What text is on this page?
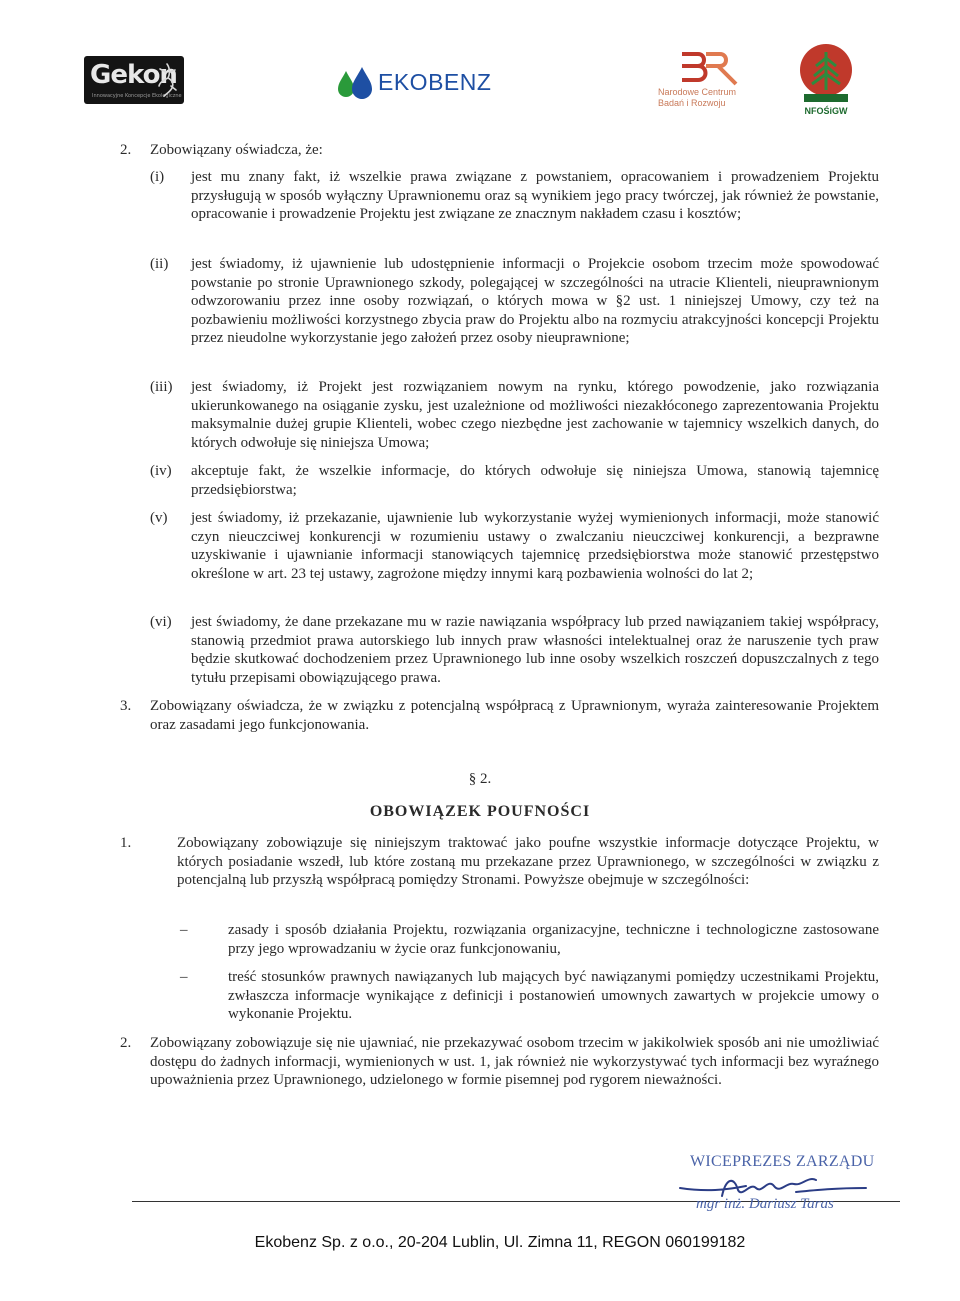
Gekon
Innowacyjne Koncepcje Ekologiczne
EKOBENZ	Narodowe Centrum
Badań i Rozwoju
NFOŚiGW
2. Zobowiązany oświadcza, że:
(i) jest mu znany fakt, iż wszelkie prawa związane z powstaniem, opracowaniem i prowadzeniem Projektu przysługują w sposób wyłączny Uprawnionemu oraz są wynikiem jego pracy twórczej, jak również że powstanie, opracowanie i prowadzenie Projektu jest związane ze znacznym nakładem czasu i kosztów;
(ii) jest świadomy, iż ujawnienie lub udostępnienie informacji o Projekcie osobom trzecim może spowodować powstanie po stronie Uprawnionego szkody, polegającej w szczególności na utracie Klienteli, nieuprawnionym odwzorowaniu przez inne osoby rozwiązań, o których mowa w §2 ust. 1 niniejszej Umowy, czy też na pozbawieniu możliwości korzystnego zbycia praw do Projektu albo na rozmyciu atrakcyjności koncepcji Projektu przez nieudolne wykorzystanie jego założeń przez osoby nieuprawnione;
(iii) jest świadomy, iż Projekt jest rozwiązaniem nowym na rynku, którego powodzenie, jako rozwiązania ukierunkowanego na osiąganie zysku, jest uzależnione od możliwości niezakłóconego zaprezentowania Projektu maksymalnie dużej grupie Klienteli, wobec czego niezbędne jest zachowanie w tajemnicy wszelkich danych, do których odwołuje się niniejsza Umowa;
(iv) akceptuje fakt, że wszelkie informacje, do których odwołuje się niniejsza Umowa, stanowią tajemnicę przedsiębiorstwa;
(v) jest świadomy, iż przekazanie, ujawnienie lub wykorzystanie wyżej wymienionych informacji, może stanowić czyn nieuczciwej konkurencji w rozumieniu ustawy o zwalczaniu nieuczciwej konkurencji, a bezprawne uzyskiwanie i ujawnianie informacji stanowiących tajemnicę przedsiębiorstwa może stanowić przestępstwo określone w art. 23 tej ustawy, zagrożone między innymi karą pozbawienia wolności do lat 2;
(vi) jest świadomy, że dane przekazane mu w razie nawiązania współpracy lub przed nawiązaniem takiej współpracy, stanowią przedmiot prawa autorskiego lub innych praw własności intelektualnej oraz że naruszenie tych praw będzie skutkować dochodzeniem przez Uprawnionego lub inne osoby wszelkich roszczeń dopuszczalnych z tego tytułu przepisami obowiązującego prawa.
3. Zobowiązany oświadcza, że w związku z potencjalną współpracą z Uprawnionym, wyraża zainteresowanie Projektem oraz zasadami jego funkcjonowania.
§ 2.
OBOWIĄZEK POUFNOŚCI
1.	Zobowiązany zobowiązuje się niniejszym traktować jako poufne wszystkie informacje dotyczące Projektu, w których posiadanie wszedł, lub które zostaną mu przekazane przez Uprawnionego, w szczególności w związku z potencjalną lub przyszłą współpracą pomiędzy Stronami. Powyższe obejmuje w szczególności:
–	zasady i sposób działania Projektu, rozwiązania organizacyjne, techniczne i technologiczne zastosowane przy jego wprowadzaniu w życie oraz funkcjonowaniu,
–	treść stosunków prawnych nawiązanych lub mających być nawiązanymi pomiędzy uczestnikami Projektu, zwłaszcza informacje wynikające z definicji i postanowień umownych zawartych w projekcie umowy o wykonanie Projektu.
2. Zobowiązany zobowiązuje się nie ujawniać, nie przekazywać osobom trzecim w jakikolwiek sposób ani nie umożliwiać dostępu do żadnych informacji, wymienionych w ust. 1, jak również nie wykorzystywać tych informacji bez wyraźnego upoważnienia przez Uprawnionego, udzielonego w formie pisemnej pod rygorem nieważności.
WICEPREZES ZARZĄDU
mgr inż. Dariusz Taras
Ekobenz Sp. z o.o., 20-204 Lublin, Ul. Zimna 11, REGON 060199182
